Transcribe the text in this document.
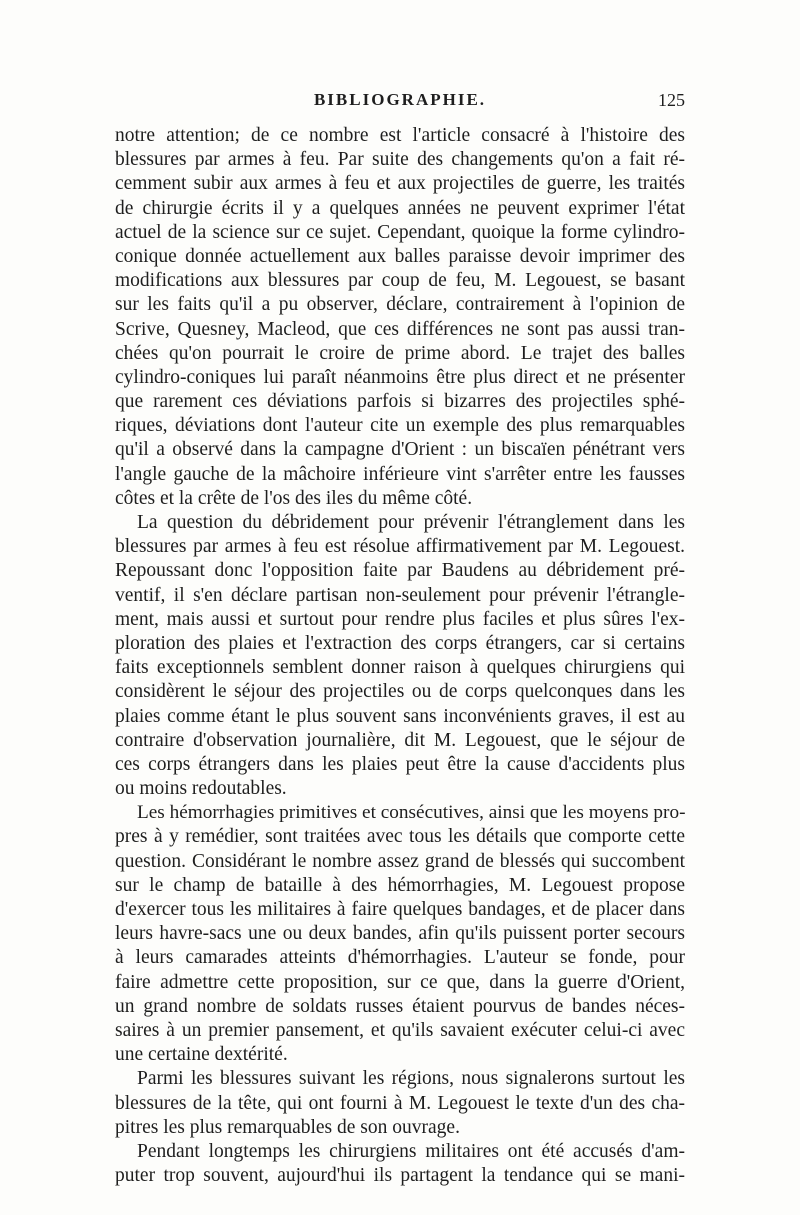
BIBLIOGRAPHIE.	125
notre attention; de ce nombre est l'article consacré à l'histoire des
blessures par armes à feu. Par suite des changements qu'on a fait ré-
cemment subir aux armes à feu et aux projectiles de guerre, les traités
de chirurgie écrits il y a quelques années ne peuvent exprimer l'état
actuel de la science sur ce sujet. Cependant, quoique la forme cylindro-
conique donnée actuellement aux balles paraisse devoir imprimer des
modifications aux blessures par coup de feu, M. Legouest, se basant
sur les faits qu'il a pu observer, déclare, contrairement à l'opinion de
Scrive, Quesney, Macleod, que ces différences ne sont pas aussi tran-
chées qu'on pourrait le croire de prime abord. Le trajet des balles
cylindro-coniques lui paraît néanmoins être plus direct et ne présenter
que rarement ces déviations parfois si bizarres des projectiles sphé-
riques, déviations dont l'auteur cite un exemple des plus remarquables
qu'il a observé dans la campagne d'Orient : un biscaïen pénétrant vers
l'angle gauche de la mâchoire inférieure vint s'arrêter entre les fausses
côtes et la crête de l'os des iles du même côté.
La question du débridement pour prévenir l'étranglement dans les
blessures par armes à feu est résolue affirmativement par M. Legouest.
Repoussant donc l'opposition faite par Baudens au débridement pré-
ventif, il s'en déclare partisan non-seulement pour prévenir l'étrangle-
ment, mais aussi et surtout pour rendre plus faciles et plus sûres l'ex-
ploration des plaies et l'extraction des corps étrangers, car si certains
faits exceptionnels semblent donner raison à quelques chirurgiens qui
considèrent le séjour des projectiles ou de corps quelconques dans les
plaies comme étant le plus souvent sans inconvénients graves, il est au
contraire d'observation journalière, dit M. Legouest, que le séjour de
ces corps étrangers dans les plaies peut être la cause d'accidents plus
ou moins redoutables.
Les hémorrhagies primitives et consécutives, ainsi que les moyens pro-
pres à y remédier, sont traitées avec tous les détails que comporte cette
question. Considérant le nombre assez grand de blessés qui succombent
sur le champ de bataille à des hémorrhagies, M. Legouest propose
d'exercer tous les militaires à faire quelques bandages, et de placer dans
leurs havre-sacs une ou deux bandes, afin qu'ils puissent porter secours
à leurs camarades atteints d'hémorrhagies. L'auteur se fonde, pour
faire admettre cette proposition, sur ce que, dans la guerre d'Orient,
un grand nombre de soldats russes étaient pourvus de bandes néces-
saires à un premier pansement, et qu'ils savaient exécuter celui-ci avec
une certaine dextérité.
Parmi les blessures suivant les régions, nous signalerons surtout les
blessures de la tête, qui ont fourni à M. Legouest le texte d'un des cha-
pitres les plus remarquables de son ouvrage.
Pendant longtemps les chirurgiens militaires ont été accusés d'am-
puter trop souvent, aujourd'hui ils partagent la tendance qui se mani-
